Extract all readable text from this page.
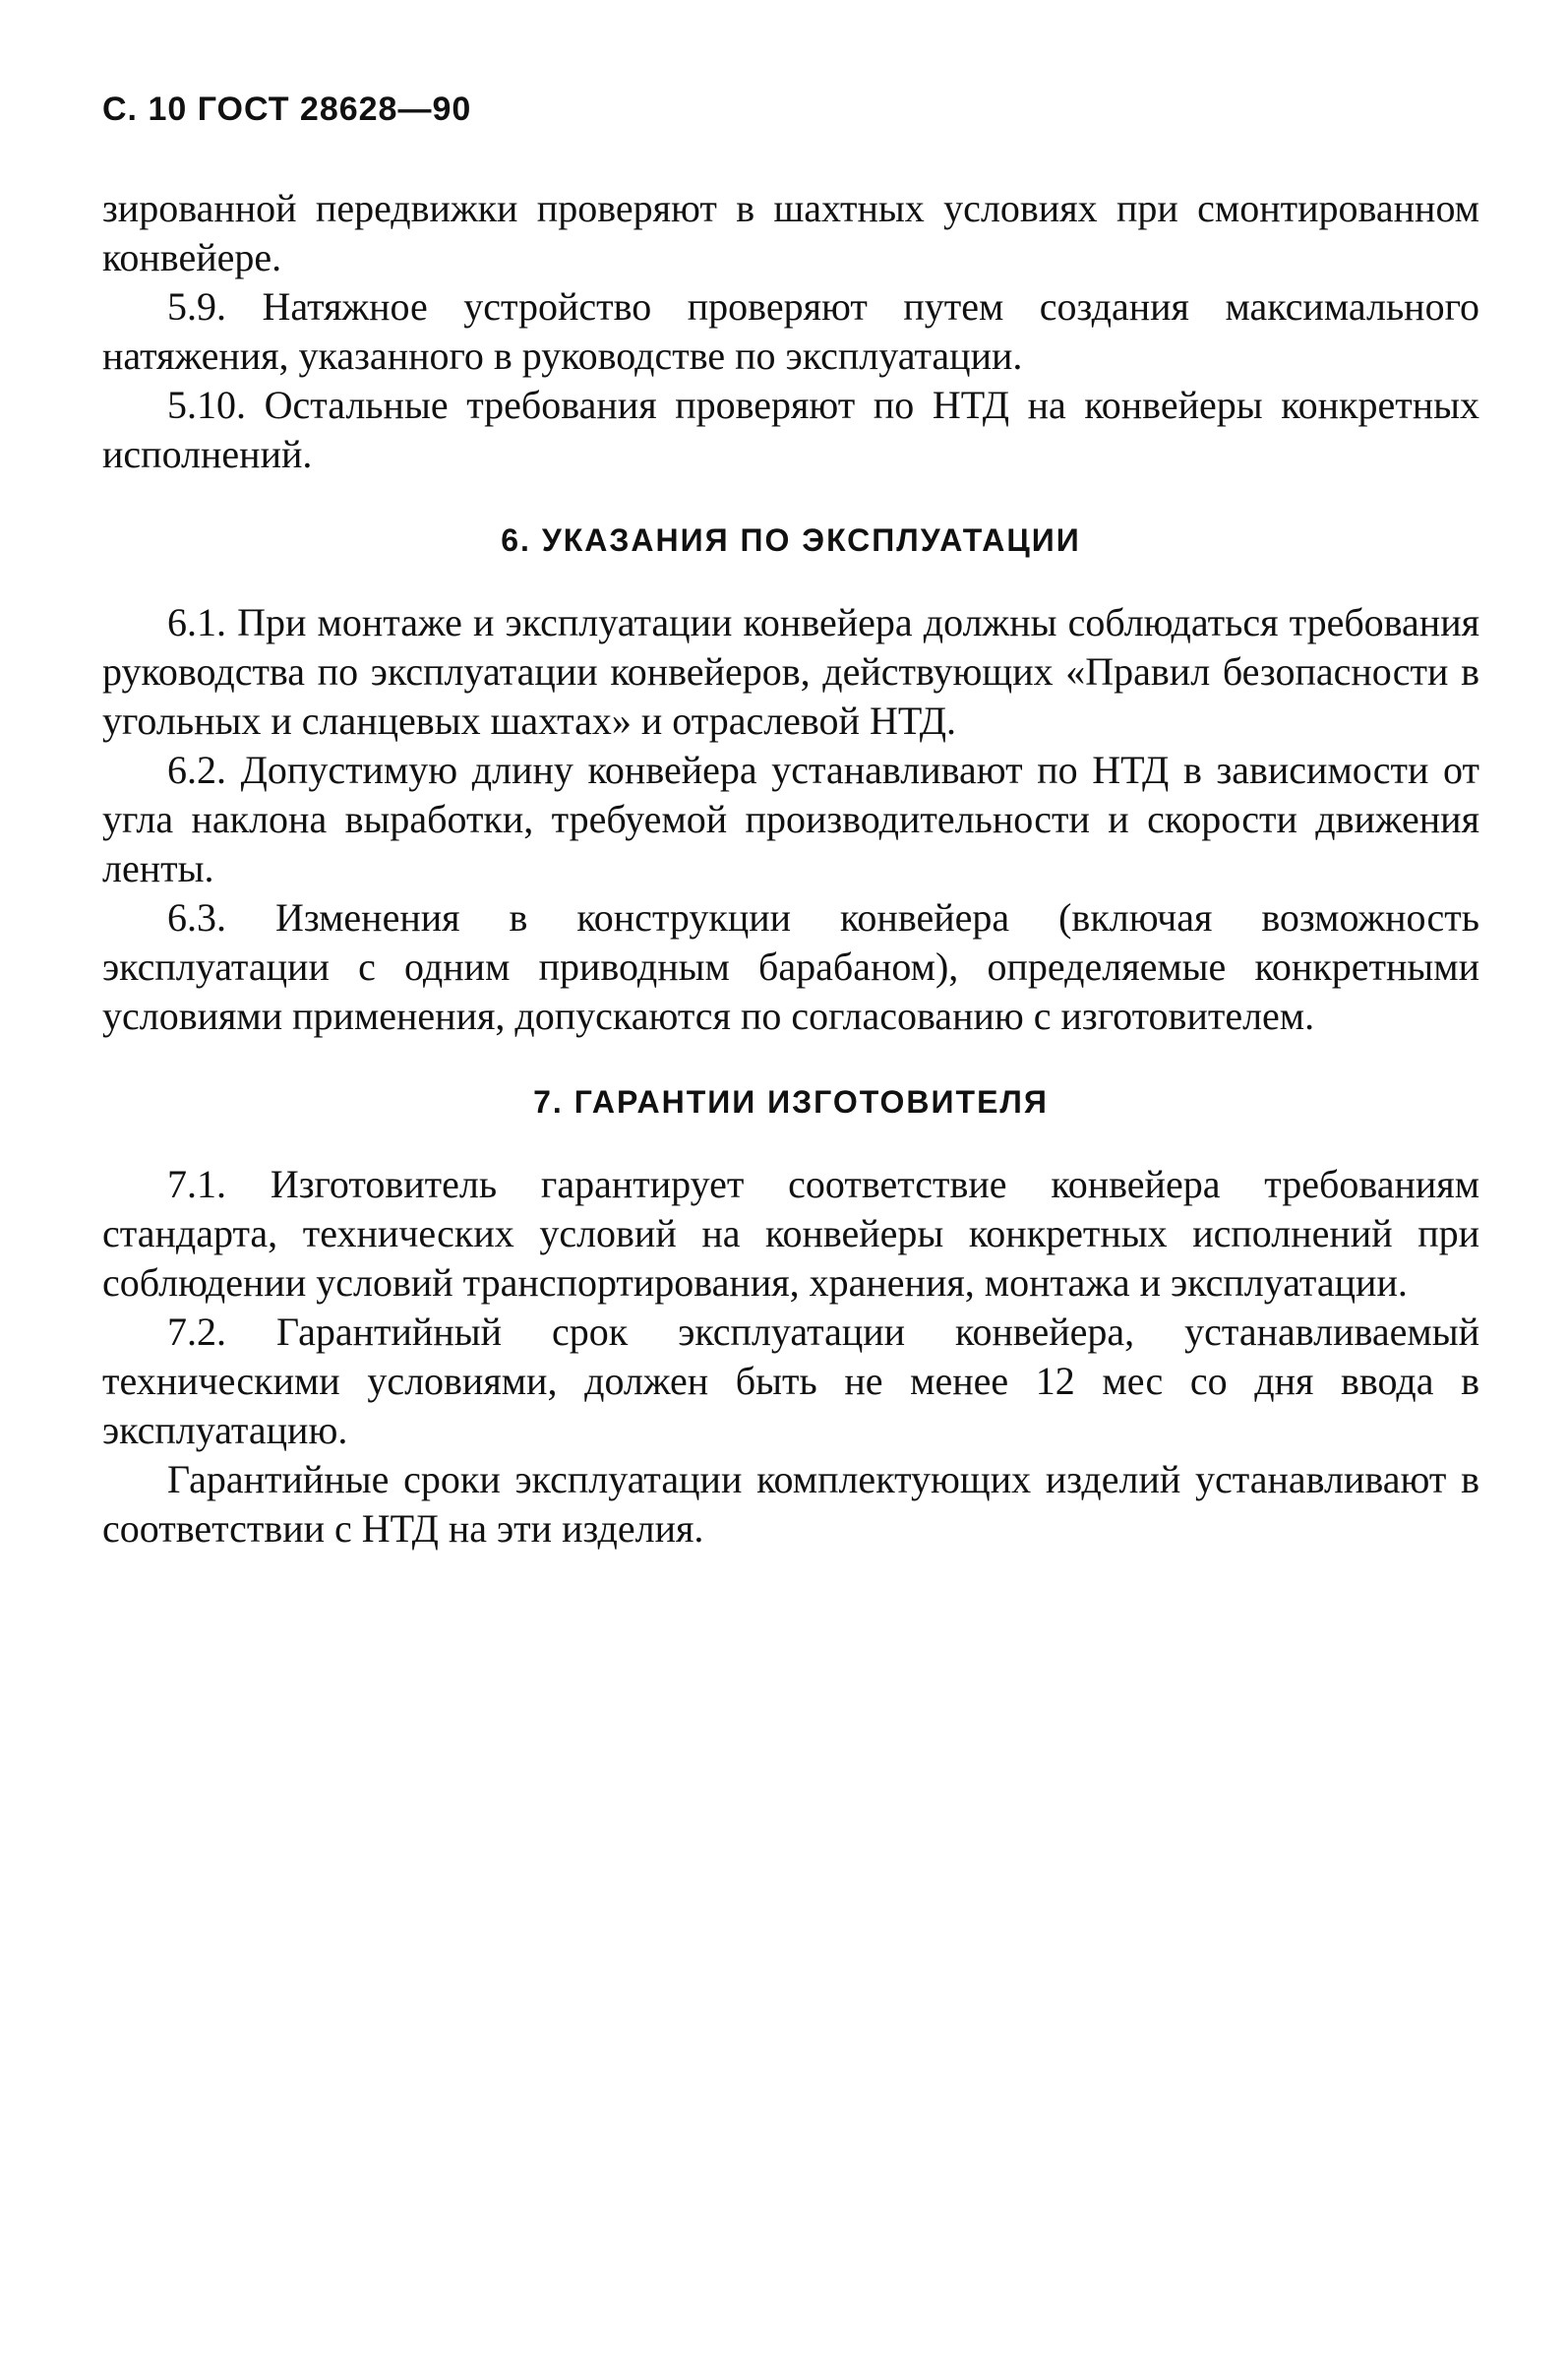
С. 10 ГОСТ 28628—90

зированной передвижки проверяют в шахтных условиях при смонтированном конвейере.

5.9. Натяжное устройство проверяют путем создания максимального натяжения, указанного в руководстве по эксплуатации.

5.10. Остальные требования проверяют по НТД на конвейеры конкретных исполнений.

6. УКАЗАНИЯ ПО ЭКСПЛУАТАЦИИ

6.1. При монтаже и эксплуатации конвейера должны соблюдаться требования руководства по эксплуатации конвейеров, действующих «Правил безопасности в угольных и сланцевых шахтах» и отраслевой НТД.

6.2. Допустимую длину конвейера устанавливают по НТД в зависимости от угла наклона выработки, требуемой производительности и скорости движения ленты.

6.3. Изменения в конструкции конвейера (включая возможность эксплуатации с одним приводным барабаном), определяемые конкретными условиями применения, допускаются по согласованию с изготовителем.

7. ГАРАНТИИ ИЗГОТОВИТЕЛЯ

7.1. Изготовитель гарантирует соответствие конвейера требованиям стандарта, технических условий на конвейеры конкретных исполнений при соблюдении условий транспортирования, хранения, монтажа и эксплуатации.

7.2. Гарантийный срок эксплуатации конвейера, устанавливаемый техническими условиями, должен быть не менее 12 мес со дня ввода в эксплуатацию.

Гарантийные сроки эксплуатации комплектующих изделий устанавливают в соответствии с НТД на эти изделия.
